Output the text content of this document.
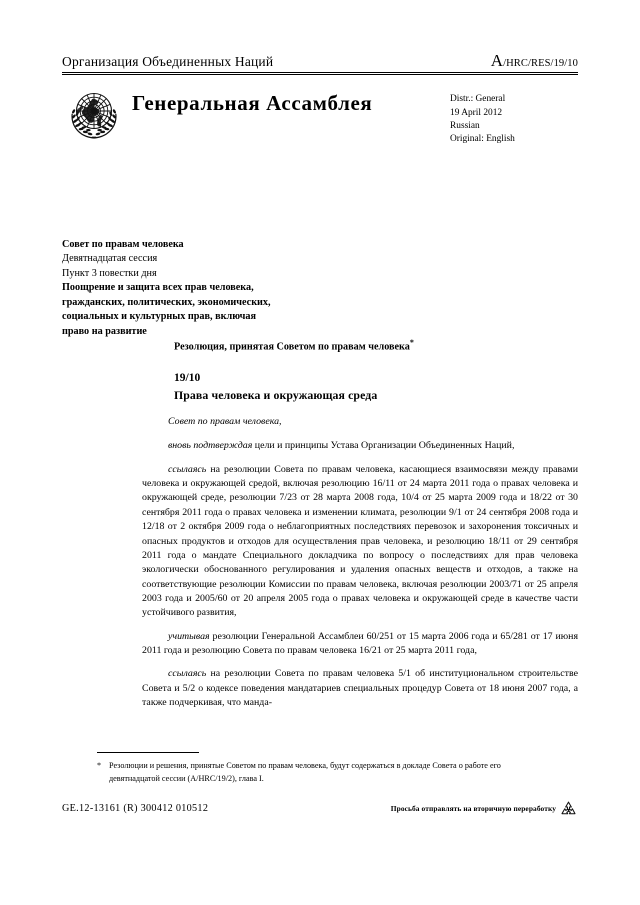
Организация Объединенных Наций	A/HRC/RES/19/10
Генеральная Ассамблея	Distr.: General
19 April 2012
Russian
Original: English
Совет по правам человека
Девятнадцатая сессия
Пункт 3 повестки дня
Поощрение и защита всех прав человека,
гражданских, политических, экономических,
социальных и культурных прав, включая
право на развитие
Резолюция, принятая Советом по правам человека*
19/10
Права человека и окружающая среда

Совет по правам человека,

вновь подтверждая цели и принципы Устава Организации Объединенных Наций,

ссылаясь на резолюции Совета по правам человека, касающиеся взаимосвязи между правами человека и окружающей средой, включая резолюцию 16/11 от 24 марта 2011 года о правах человека и окружающей среде, резолюции 7/23 от 28 марта 2008 года, 10/4 от 25 марта 2009 года и 18/22 от 30 сентября 2011 года о правах человека и изменении климата, резолюции 9/1 от 24 сентября 2008 года и 12/18 от 2 октября 2009 года о неблагоприятных последствиях перевозок и захоронения токсичных и опасных продуктов и отходов для осуществления прав человека, и резолюцию 18/11 от 29 сентября 2011 года о мандате Специального докладчика по вопросу о последствиях для прав человека экологически обоснованного регулирования и удаления опасных веществ и отходов, а также на соответствующие резолюции Комиссии по правам человека, включая резолюции 2003/71 от 25 апреля 2003 года и 2005/60 от 20 апреля 2005 года о правах человека и окружающей среде в качестве части устойчивого развития,

учитывая резолюции Генеральной Ассамблеи 60/251 от 15 марта 2006 года и 65/281 от 17 июня 2011 года и резолюцию Совета по правам человека 16/21 от 25 марта 2011 года,

ссылаясь на резолюции Совета по правам человека 5/1 об институциональном строительстве Совета и 5/2 о кодексе поведения мандатариев специальных процедур Совета от 18 июня 2007 года, а также подчеркивая, что манда-

* Резолюции и решения, принятые Советом по правам человека, будут содержаться в докладе Совета о работе его девятнадцатой сессии (A/HRC/19/2), глава I.
GE.12-13161 (R) 300412 010512	Просьба отправлять на вторичную переработку
